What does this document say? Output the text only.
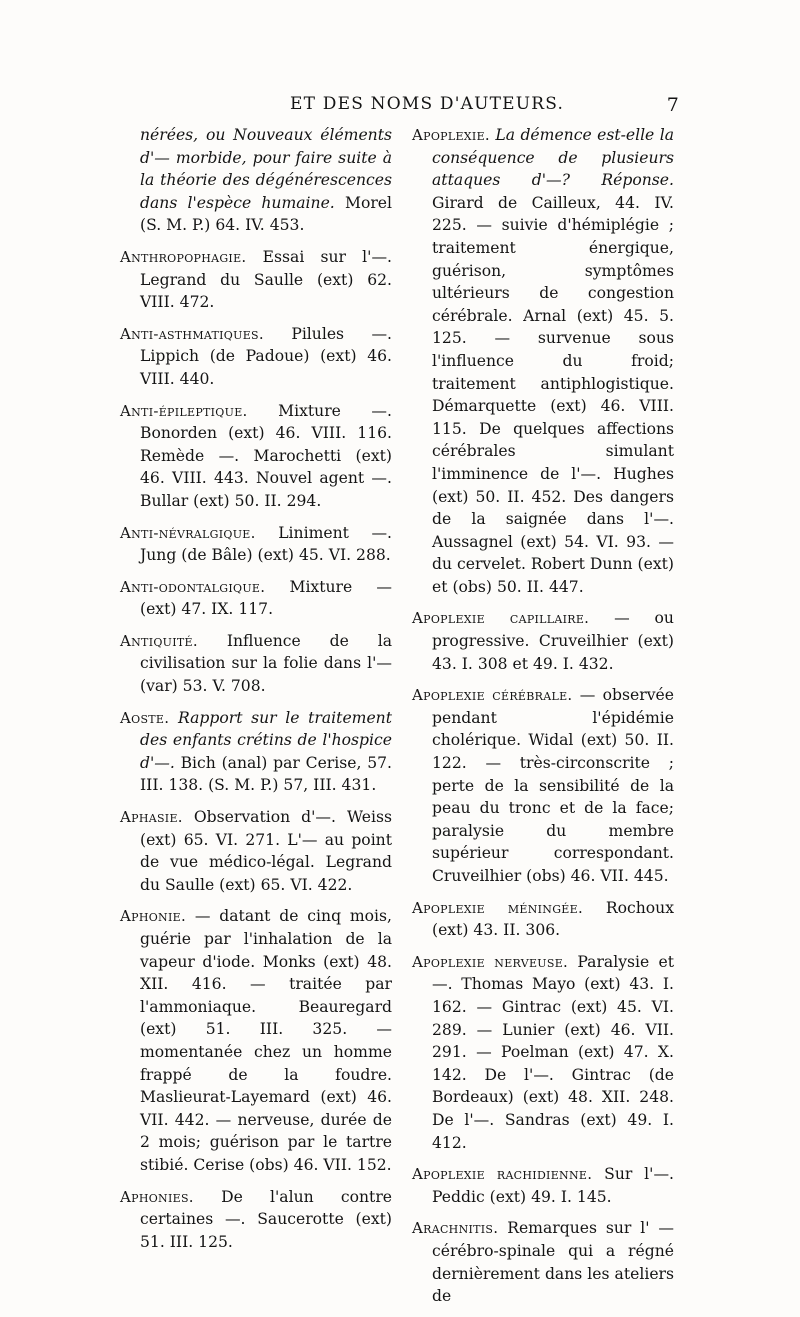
ET DES NOMS D'AUTEURS.	7

nérées, ou Nouveaux éléments d'— morbide, pour faire suite à la théorie des dégénérescences dans l'espèce humaine. Morel (S. M. P.) 64. IV. 453.

Anthropophagie. Essai sur l'—. Legrand du Saulle (ext) 62. VIII. 472.

Anti-asthmatiques. Pilules —. Lippich (de Padoue) (ext) 46. VIII. 440.

Anti-épileptique. Mixture —. Bonorden (ext) 46. VIII. 116. Remède —. Marochetti (ext) 46. VIII. 443. Nouvel agent —. Bullar (ext) 50. II. 294.

Anti-névralgique. Liniment —. Jung (de Bâle) (ext) 45. VI. 288.

Anti-odontalgique. Mixture — (ext) 47. IX. 117.

Antiquité. Influence de la civilisation sur la folie dans l'— (var) 53. V. 708.

Aoste. Rapport sur le traitement des enfants crétins de l'hospice d'—. Bich (anal) par Cerise, 57. III. 138. (S. M. P.) 57, III. 431.

Aphasie. Observation d'—. Weiss (ext) 65. VI. 271. L'— au point de vue médico-légal. Legrand du Saulle (ext) 65. VI. 422.

Aphonie. — datant de cinq mois, guérie par l'inhalation de la vapeur d'iode. Monks (ext) 48. XII. 416. — traitée par l'ammoniaque. Beauregard (ext) 51. III. 325. — momentanée chez un homme frappé de la foudre. Maslieurat-Layemard (ext) 46. VII. 442. — nerveuse, durée de 2 mois; guérison par le tartre stibié. Cerise (obs) 46. VII. 152.

Aphonies. De l'alun contre certaines —. Saucerotte (ext) 51. III. 125.

Apoplexie. La démence est-elle la conséquence de plusieurs attaques d'—? Réponse. Girard de Cailleux, 44. IV. 225. — suivie d'hémiplégie ; traitement énergique, guérison, symptômes ultérieurs de congestion cérébrale. Arnal (ext) 45. 5. 125. — survenue sous l'influence du froid; traitement antiphlogistique. Démarquette (ext) 46. VIII. 115. De quelques affections cérébrales simulant l'imminence de l'—. Hughes (ext) 50. II. 452. Des dangers de la saignée dans l'—. Aussagnel (ext) 54. VI. 93. — du cervelet. Robert Dunn (ext) et (obs) 50. II. 447.

Apoplexie capillaire. — ou progressive. Cruveilhier (ext) 43. I. 308 et 49. I. 432.

Apoplexie cérébrale. — observée pendant l'épidémie cholérique. Widal (ext) 50. II. 122. — très-circonscrite ; perte de la sensibilité de la peau du tronc et de la face; paralysie du membre supérieur correspondant. Cruveilhier (obs) 46. VII. 445.

Apoplexie méningée. Rochoux (ext) 43. II. 306.

Apoplexie nerveuse. Paralysie et —. Thomas Mayo (ext) 43. I. 162. — Gintrac (ext) 45. VI. 289. — Lunier (ext) 46. VII. 291. — Poelman (ext) 47. X. 142. De l'—. Gintrac (de Bordeaux) (ext) 48. XII. 248. De l'—. Sandras (ext) 49. I. 412.

Apoplexie rachidienne. Sur l'—. Peddic (ext) 49. I. 145.

Arachnitis. Remarques sur l' — cérébro-spinale qui a régné dernièrement dans les ateliers de
